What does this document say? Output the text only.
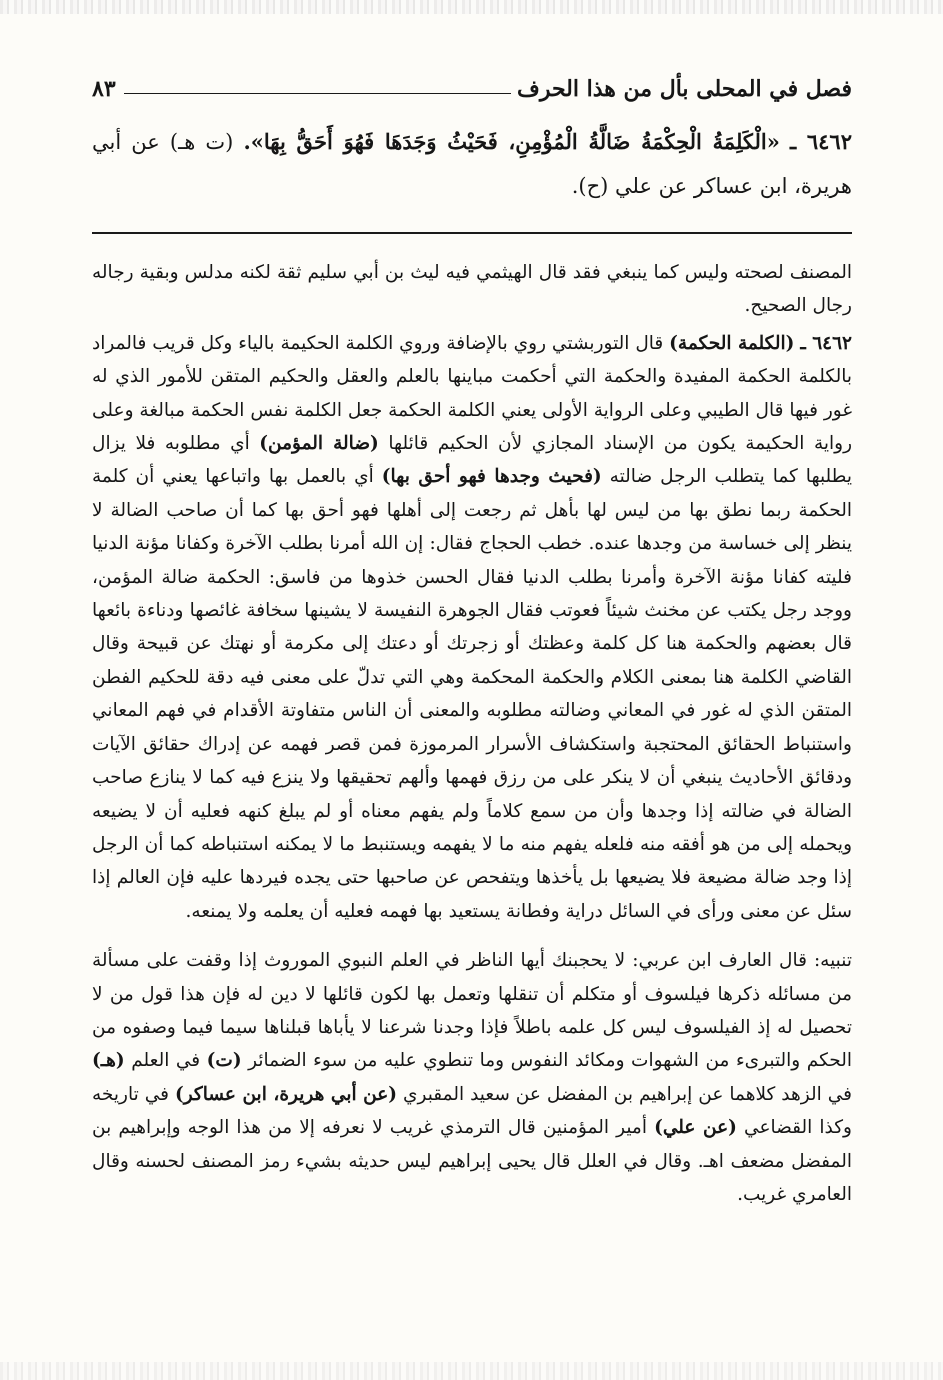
فصل في المحلى بأل من هذا الحرف
٨٣
٦٤٦٢ ـ «الْكَلِمَةُ الْحِكْمَةُ ضَالَّةُ الْمُؤْمِنِ، فَحَيْثُ وَجَدَهَا فَهُوَ أَحَقُّ بِهَا». (ت هـ) عن أبي هريرة، ابن عساكر عن علي (ح).

المصنف لصحته وليس كما ينبغي فقد قال الهيثمي فيه ليث بن أبي سليم ثقة لكنه مدلس وبقية رجاله رجال الصحيح.

٦٤٦٢ ـ (الكلمة الحكمة) قال التوربشتي روي بالإضافة وروي الكلمة الحكيمة بالياء وكل قريب فالمراد بالكلمة الحكمة المفيدة والحكمة التي أحكمت مباينها بالعلم والعقل والحكيم المتقن للأمور الذي له غور فيها قال الطيبي وعلى الرواية الأولى يعني الكلمة الحكمة جعل الكلمة نفس الحكمة مبالغة وعلى رواية الحكيمة يكون من الإسناد المجازي لأن الحكيم قائلها (ضالة المؤمن) أي مطلوبه فلا يزال يطلبها كما يتطلب الرجل ضالته (فحيث وجدها فهو أحق بها) أي بالعمل بها واتباعها يعني أن كلمة الحكمة ربما نطق بها من ليس لها بأهل ثم رجعت إلى أهلها فهو أحق بها كما أن صاحب الضالة لا ينظر إلى خساسة من وجدها عنده. خطب الحجاج فقال: إن الله أمرنا بطلب الآخرة وكفانا مؤنة الدنيا فليته كفانا مؤنة الآخرة وأمرنا بطلب الدنيا فقال الحسن خذوها من فاسق: الحكمة ضالة المؤمن، ووجد رجل يكتب عن مخنث شيئاً فعوتب فقال الجوهرة النفيسة لا يشينها سخافة غائصها ودناءة بائعها قال بعضهم والحكمة هنا كل كلمة وعظتك أو زجرتك أو دعتك إلى مكرمة أو نهتك عن قبيحة وقال القاضي الكلمة هنا بمعنى الكلام والحكمة المحكمة وهي التي تدلّ على معنى فيه دقة للحكيم الفطن المتقن الذي له غور في المعاني وضالته مطلوبه والمعنى أن الناس متفاوتة الأقدام في فهم المعاني واستنباط الحقائق المحتجبة واستكشاف الأسرار المرموزة فمن قصر فهمه عن إدراك حقائق الآيات ودقائق الأحاديث ينبغي أن لا ينكر على من رزق فهمها وألهم تحقيقها ولا ينزع فيه كما لا ينازع صاحب الضالة في ضالته إذا وجدها وأن من سمع كلاماً ولم يفهم معناه أو لم يبلغ كنهه فعليه أن لا يضيعه ويحمله إلى من هو أفقه منه فلعله يفهم منه ما لا يفهمه ويستنبط ما لا يمكنه استنباطه كما أن الرجل إذا وجد ضالة مضيعة فلا يضيعها بل يأخذها ويتفحص عن صاحبها حتى يجده فيردها عليه فإن العالم إذا سئل عن معنى ورأى في السائل دراية وفطانة يستعيد بها فهمه فعليه أن يعلمه ولا يمنعه.

تنبيه: قال العارف ابن عربي: لا يحجبنك أيها الناظر في العلم النبوي الموروث إذا وقفت على مسألة من مسائله ذكرها فيلسوف أو متكلم أن تنقلها وتعمل بها لكون قائلها لا دين له فإن هذا قول من لا تحصيل له إذ الفيلسوف ليس كل علمه باطلاً فإذا وجدنا شرعنا لا يأباها قبلناها سيما فيما وصفوه من الحكم والتبرىء من الشهوات ومكائد النفوس وما تنطوي عليه من سوء الضمائر (ت) في العلم (هـ) في الزهد كلاهما عن إبراهيم بن المفضل عن سعيد المقبري (عن أبي هريرة، ابن عساكر) في تاريخه وكذا القضاعي (عن علي) أمير المؤمنين قال الترمذي غريب لا نعرفه إلا من هذا الوجه وإبراهيم بن المفضل مضعف اهـ. وقال في العلل قال يحيى إبراهيم ليس حديثه بشيء رمز المصنف لحسنه وقال العامري غريب.
